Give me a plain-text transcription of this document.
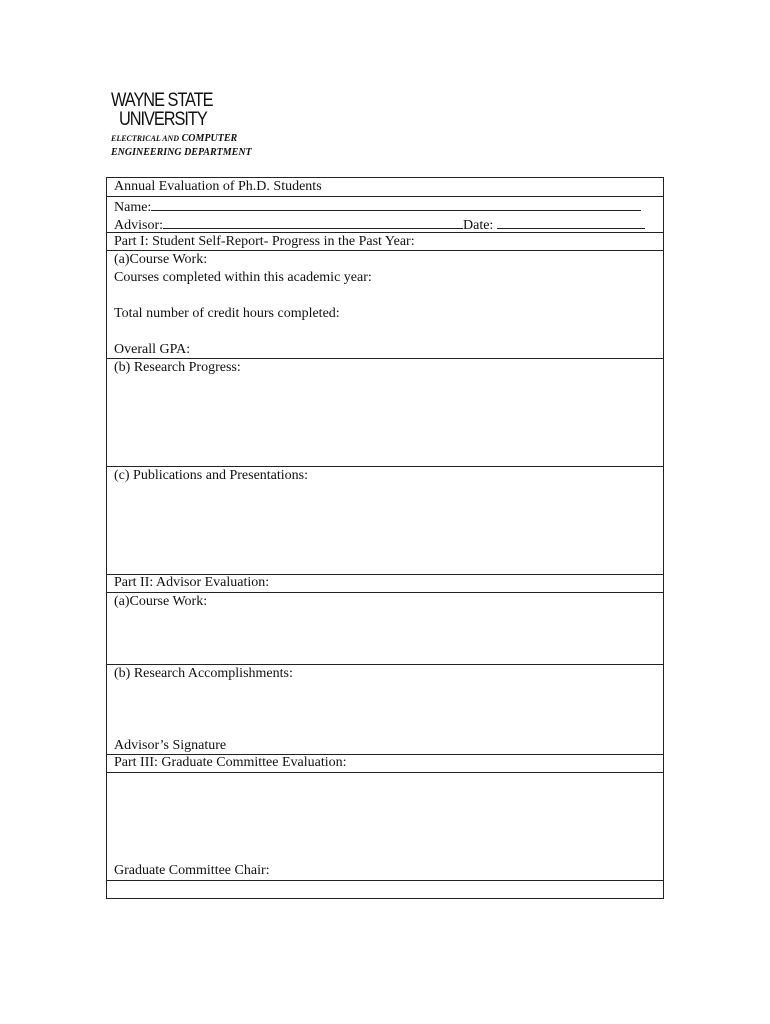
WAYNE STATE
UNIVERSITY
ELECTRICAL AND COMPUTER
ENGINEERING DEPARTMENT
Annual Evaluation of Ph.D. Students
Name:
Advisor:	Date:
Part I: Student Self-Report- Progress in the Past Year:
(a)Course Work:
Courses completed within this academic year:
Total number of credit hours completed:
Overall GPA:
(b) Research Progress:
(c) Publications and Presentations:
Part II: Advisor Evaluation:
(a)Course Work:
(b) Research Accomplishments:
Advisor’s Signature
Part III: Graduate Committee Evaluation:
Graduate Committee Chair:
